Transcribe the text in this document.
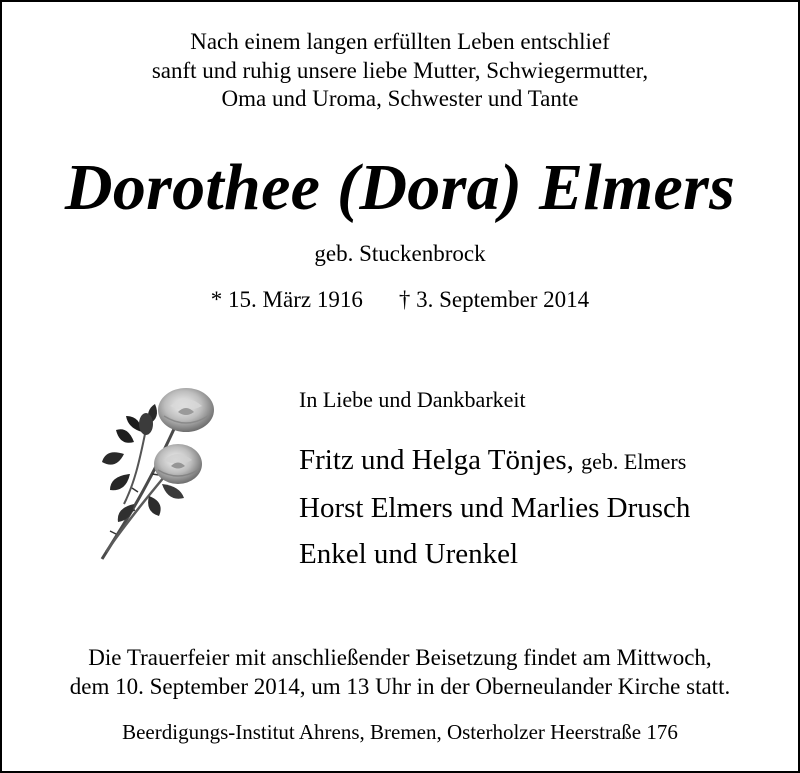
Nach einem langen erfüllten Leben entschlief
sanft und ruhig unsere liebe Mutter, Schwiegermutter,
Oma und Uroma, Schwester und Tante
Dorothee (Dora) Elmers
geb. Stuckenbrock
* 15. März 1916 † 3. September 2014
In Liebe und Dankbarkeit
Fritz und Helga Tönjes, geb. Elmers
Horst Elmers und Marlies Drusch
Enkel und Urenkel
Die Trauerfeier mit anschließender Beisetzung findet am Mittwoch,
dem 10. September 2014, um 13 Uhr in der Oberneulander Kirche statt.
Beerdigungs-Institut Ahrens, Bremen, Osterholzer Heerstraße 176
